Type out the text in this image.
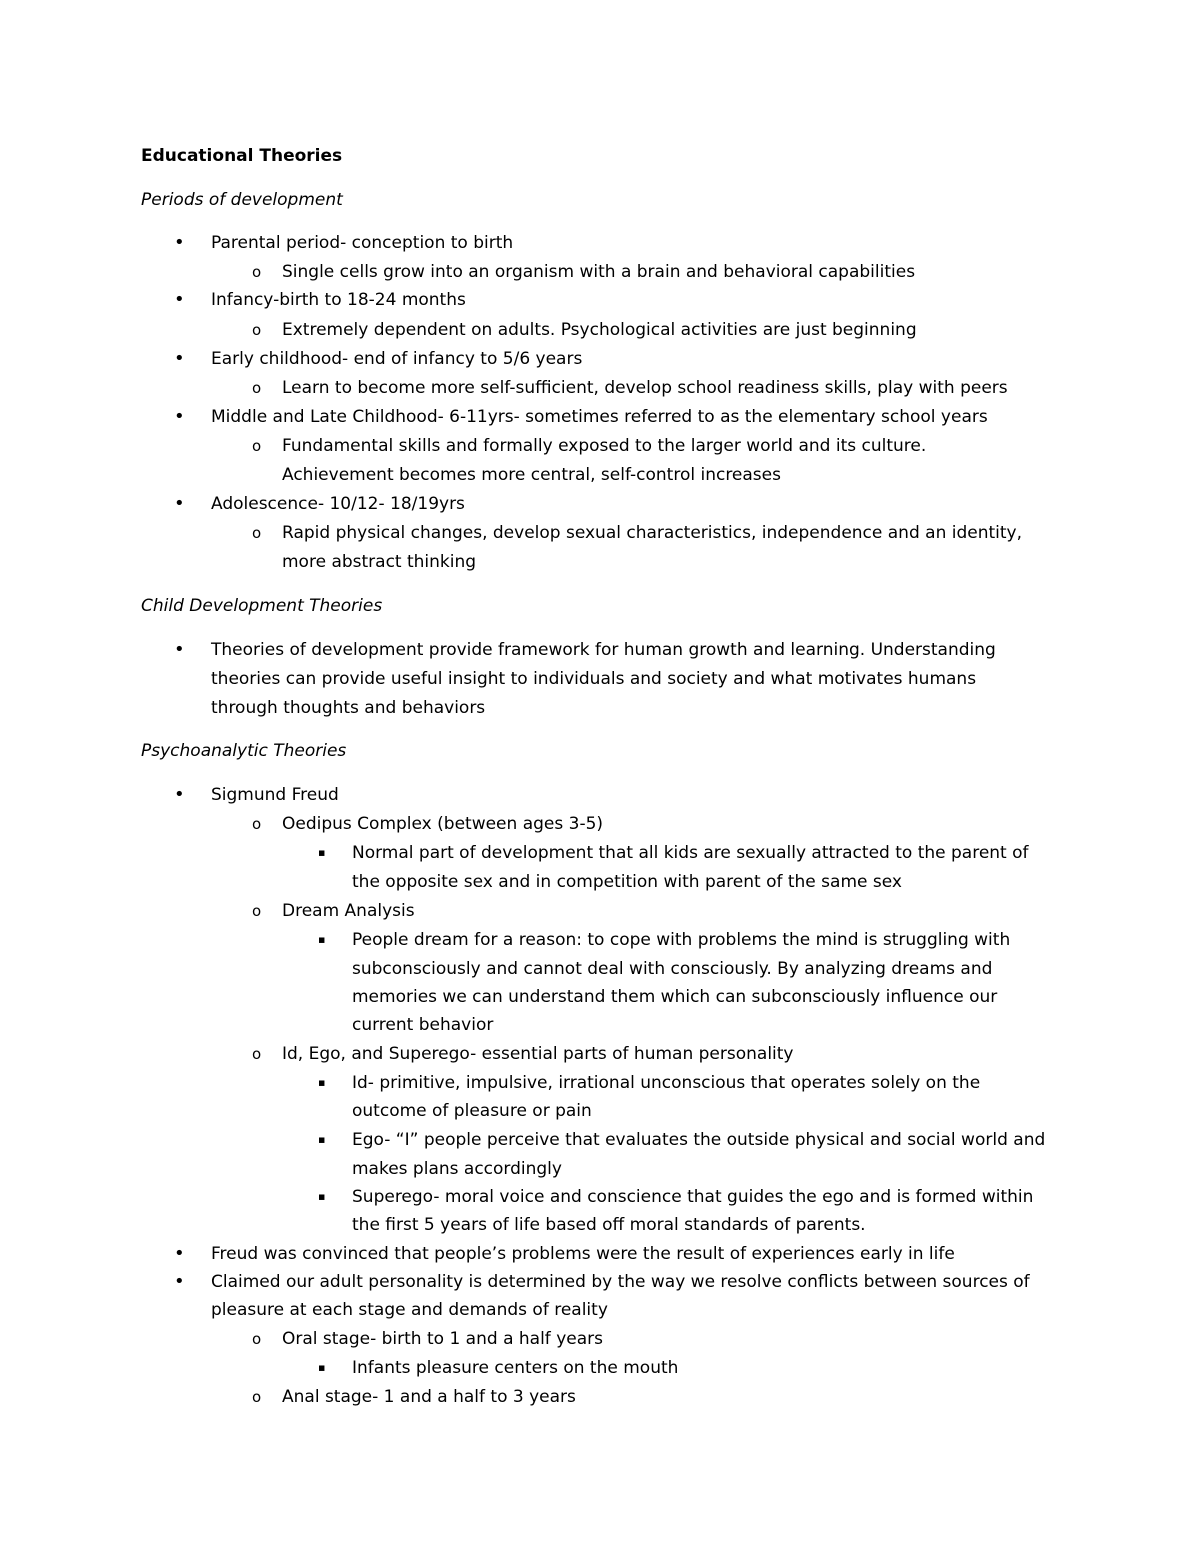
Educational Theories
Periods of development
• Parental period- conception to birth
o Single cells grow into an organism with a brain and behavioral capabilities
• Infancy-birth to 18-24 months
o Extremely dependent on adults. Psychological activities are just beginning
• Early childhood- end of infancy to 5/6 years
o Learn to become more self-sufficient, develop school readiness skills, play with peers
• Middle and Late Childhood- 6-11yrs- sometimes referred to as the elementary school years
o Fundamental skills and formally exposed to the larger world and its culture.
Achievement becomes more central, self-control increases
• Adolescence- 10/12- 18/19yrs
o Rapid physical changes, develop sexual characteristics, independence and an identity,
more abstract thinking
Child Development Theories
• Theories of development provide framework for human growth and learning. Understanding
theories can provide useful insight to individuals and society and what motivates humans
through thoughts and behaviors
Psychoanalytic Theories
• Sigmund Freud
o Oedipus Complex (between ages 3-5)
▪ Normal part of development that all kids are sexually attracted to the parent of
the opposite sex and in competition with parent of the same sex
o Dream Analysis
▪ People dream for a reason: to cope with problems the mind is struggling with
subconsciously and cannot deal with consciously. By analyzing dreams and
memories we can understand them which can subconsciously influence our
current behavior
o Id, Ego, and Superego- essential parts of human personality
▪ Id- primitive, impulsive, irrational unconscious that operates solely on the
outcome of pleasure or pain
▪ Ego- “I” people perceive that evaluates the outside physical and social world and
makes plans accordingly
▪ Superego- moral voice and conscience that guides the ego and is formed within
the first 5 years of life based off moral standards of parents.
• Freud was convinced that people’s problems were the result of experiences early in life
• Claimed our adult personality is determined by the way we resolve conflicts between sources of
pleasure at each stage and demands of reality
o Oral stage- birth to 1 and a half years
▪ Infants pleasure centers on the mouth
o Anal stage- 1 and a half to 3 years
